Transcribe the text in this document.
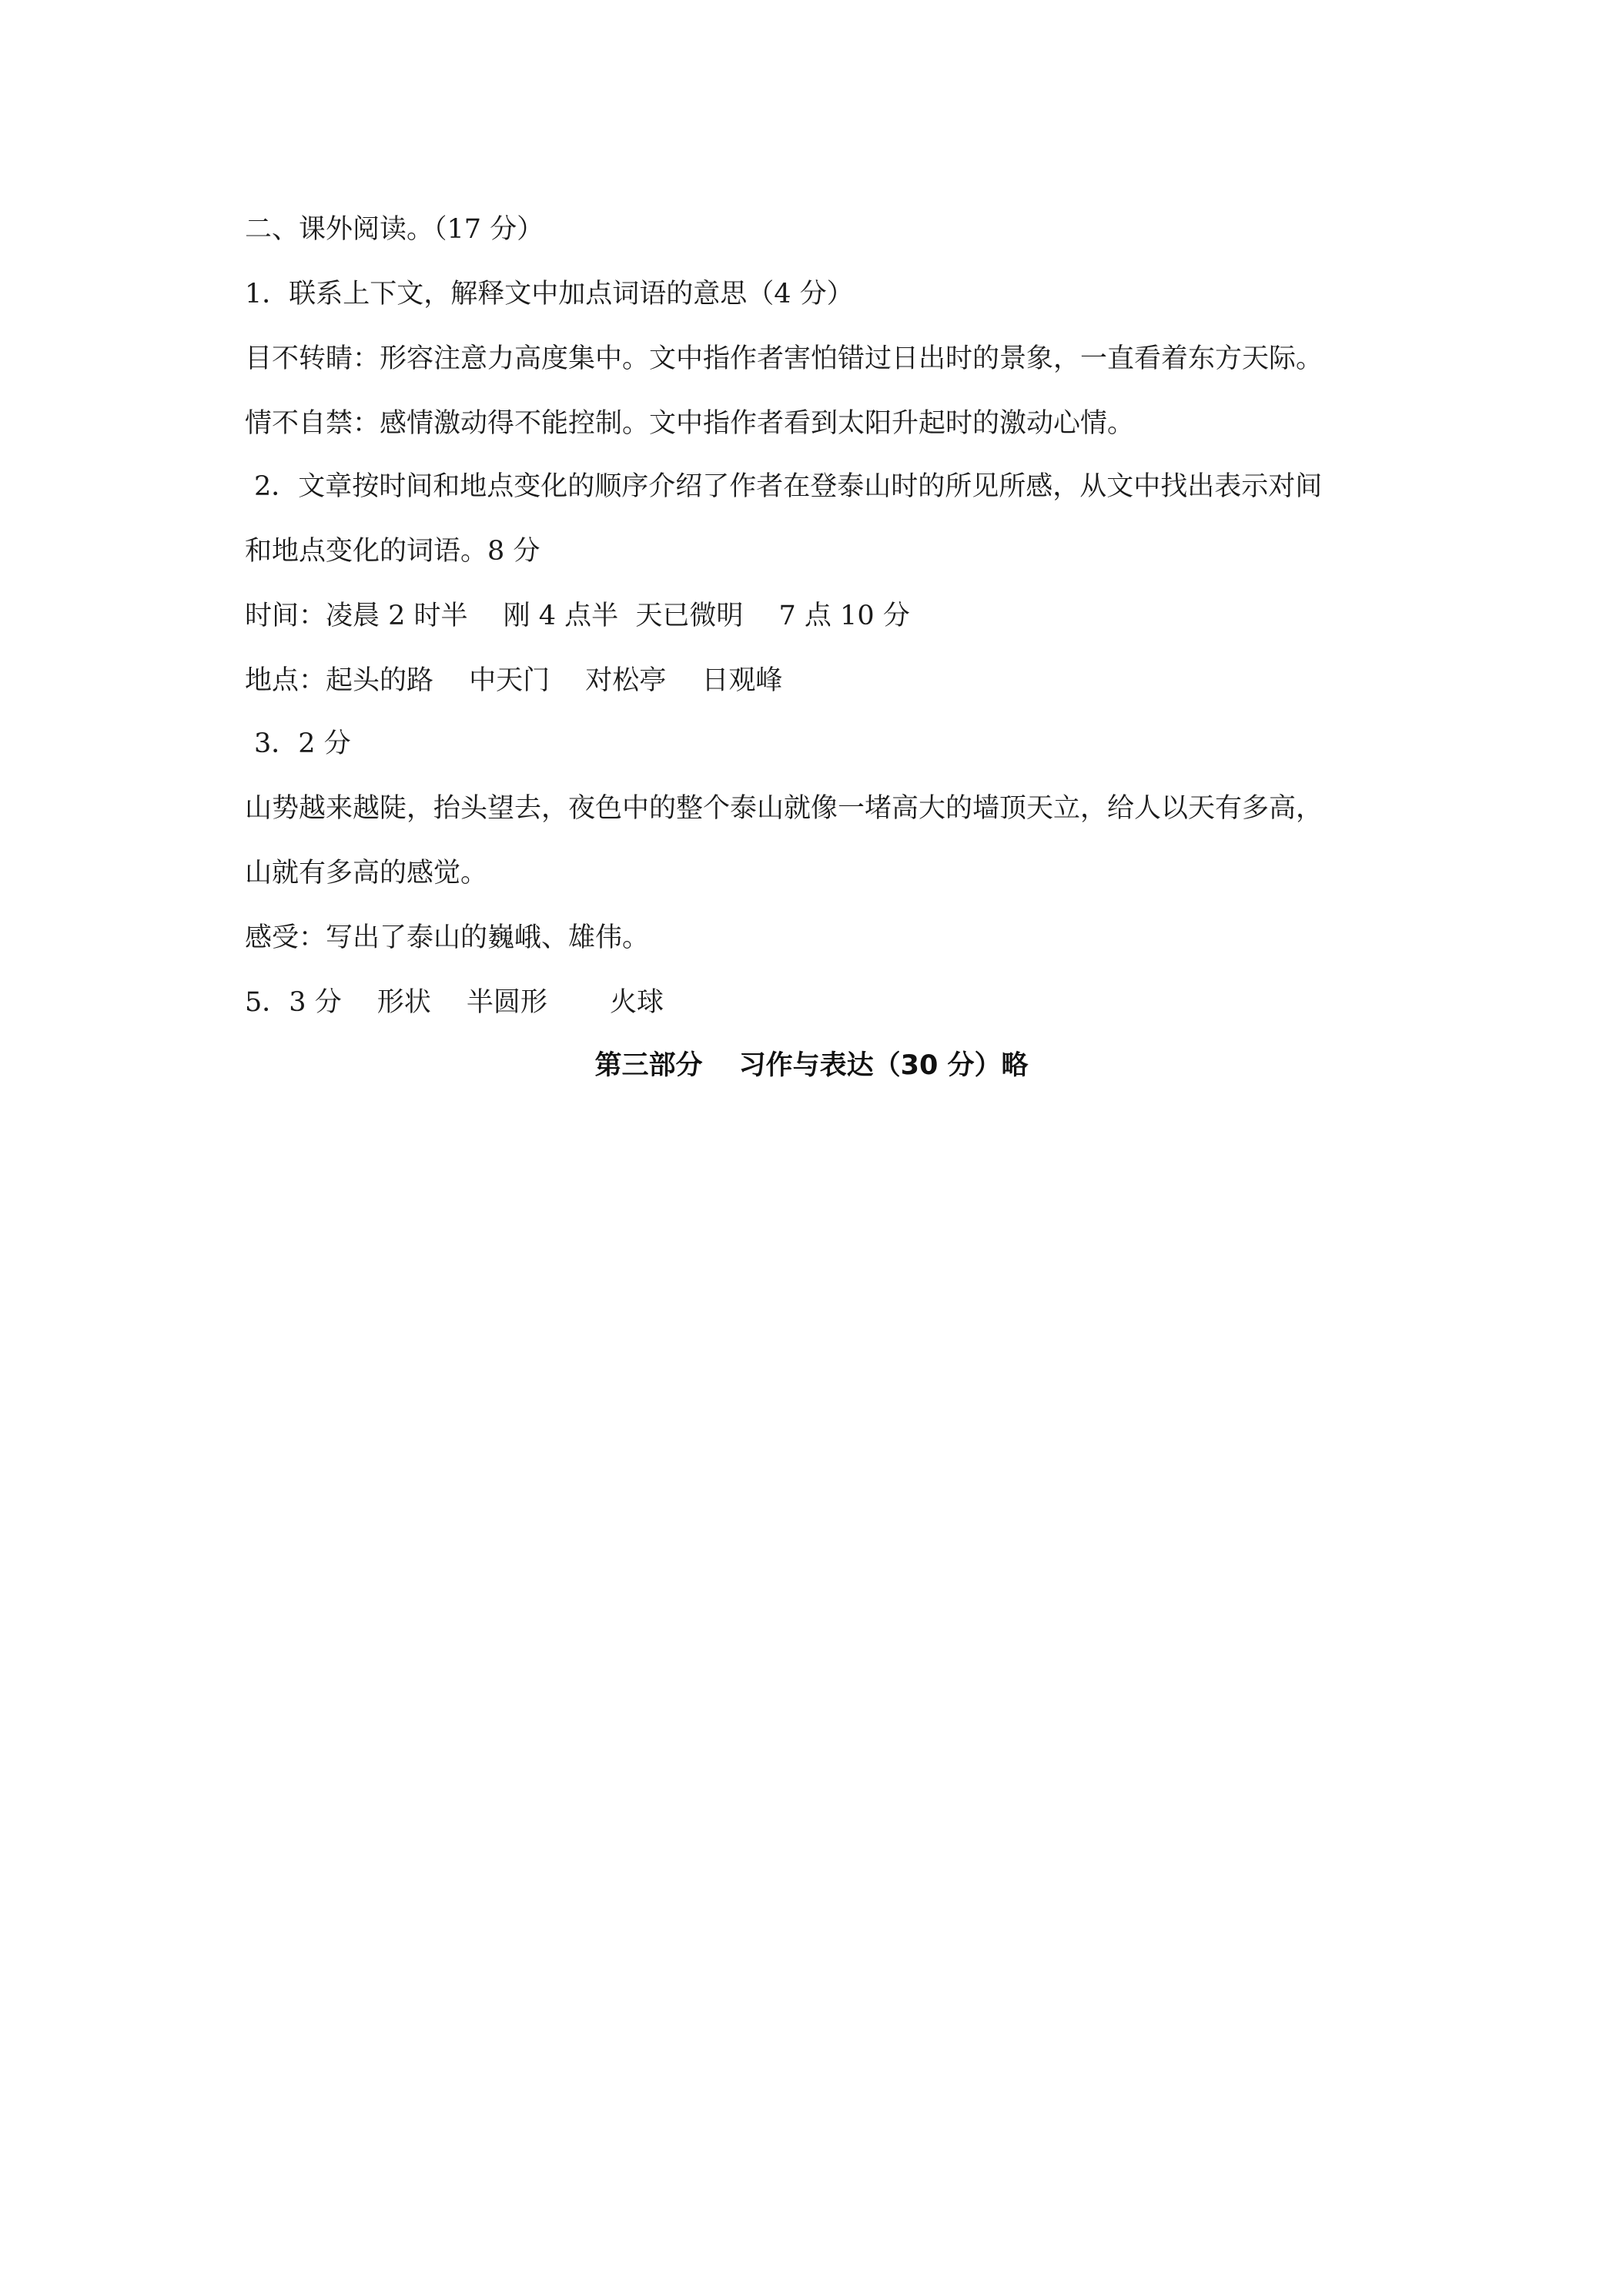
二、课外阅读。（17 分）
1．联系上下文，解释文中加点词语的意思（4 分）
目不转睛：形容注意力高度集中。文中指作者害怕错过日出时的景象，一直看着东方天际。
情不自禁：感情激动得不能控制。文中指作者看到太阳升起时的激动心情。
2．文章按时间和地点变化的顺序介绍了作者在登泰山时的所见所感，从文中找出表示对间
和地点变化的词语。8 分
时间：凌晨 2 时半　 刚 4 点半  天已微明　 7 点 10 分
地点：起头的路　 中天门　 对松亭　 日观峰
3．2 分
山势越来越陡，抬头望去，夜色中的整个泰山就像一堵高大的墙顶天立，给人以天有多高，
山就有多高的感觉。
感受：写出了泰山的巍峨、雄伟。
5．3 分　 形状　 半圆形　　 火球
第三部分　 习作与表达（30 分）略
